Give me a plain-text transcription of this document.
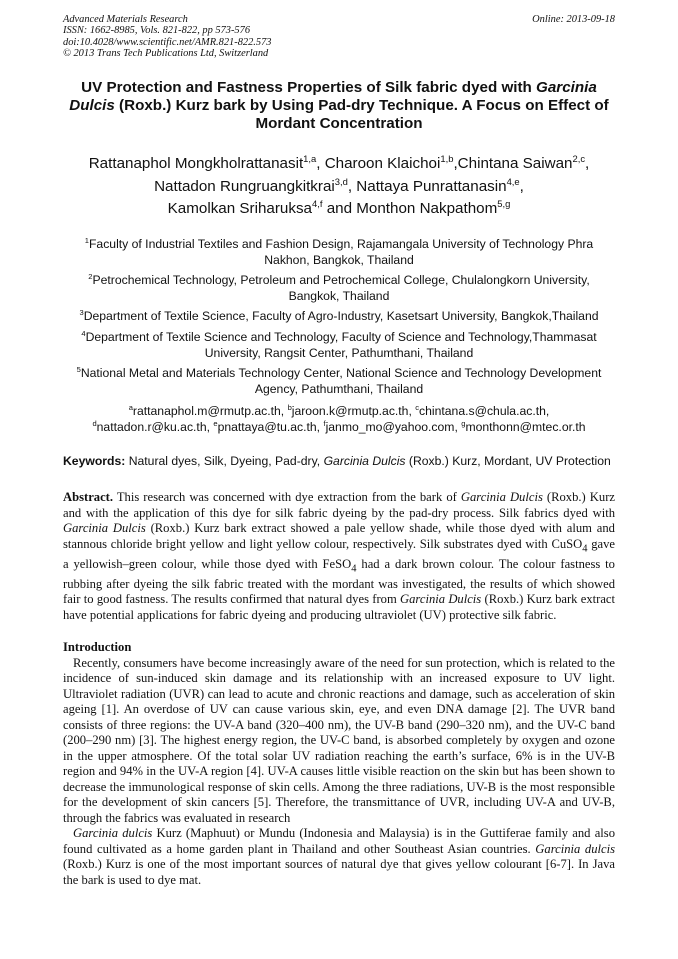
Advanced Materials Research
ISSN: 1662-8985, Vols. 821-822, pp 573-576
doi:10.4028/www.scientific.net/AMR.821-822.573
© 2013 Trans Tech Publications Ltd, Switzerland
Online: 2013-09-18
UV Protection and Fastness Properties of Silk fabric dyed with Garcinia Dulcis (Roxb.) Kurz bark by Using Pad-dry Technique. A Focus on Effect of Mordant Concentration
Rattanaphol Mongkholrattanasit$^{1,a}$, Charoon Klaichoi$^{1,b}$,Chintana Saiwan$^{2,c}$,
Nattadon Rungruangkitkrai$^{3,d}$, Nattaya Punrattanasin$^{4,e}$,
Kamolkan Sriharuksa$^{4,f}$ and Monthon Nakpathom$^{5,g}$
$^1$Faculty of Industrial Textiles and Fashion Design, Rajamangala University of Technology Phra Nakhon, Bangkok, Thailand
$^2$Petrochemical Technology, Petroleum and Petrochemical College, Chulalongkorn University, Bangkok, Thailand
$^3$Department of Textile Science, Faculty of Agro-Industry, Kasetsart University, Bangkok,Thailand
$^4$Department of Textile Science and Technology, Faculty of Science and Technology,Thammasat University, Rangsit Center, Pathumthani, Thailand
$^5$National Metal and Materials Technology Center, National Science and Technology Development Agency, Pathumthani, Thailand
$^a$rattanaphol.m@rmutp.ac.th, $^b$jaroon.k@rmutp.ac.th, $^c$chintana.s@chula.ac.th,
$^d$nattadon.r@ku.ac.th, $^e$pnattaya@tu.ac.th, $^f$janmo_mo@yahoo.com, $^g$monthonn@mtec.or.th
Keywords: Natural dyes, Silk, Dyeing, Pad-dry, Garcinia Dulcis (Roxb.) Kurz, Mordant, UV Protection
Abstract. This research was concerned with dye extraction from the bark of Garcinia Dulcis (Roxb.) Kurz and with the application of this dye for silk fabric dyeing by the pad-dry process. Silk fabrics dyed with Garcinia Dulcis (Roxb.) Kurz bark extract showed a pale yellow shade, while those dyed with alum and stannous chloride bright yellow and light yellow colour, respectively. Silk substrates dyed with CuSO$_4$ gave a yellowish–green colour, while those dyed with FeSO$_4$ had a dark brown colour. The colour fastness to rubbing after dyeing the silk fabric treated with the mordant was investigated, the results of which showed fair to good fastness. The results confirmed that natural dyes from Garcinia Dulcis (Roxb.) Kurz bark extract have potential applications for fabric dyeing and producing ultraviolet (UV) protective silk fabric.
Introduction

Recently, consumers have become increasingly aware of the need for sun protection, which is related to the incidence of sun-induced skin damage and its relationship with an increased exposure to UV light. Ultraviolet radiation (UVR) can lead to acute and chronic reactions and damage, such as acceleration of skin ageing [1]. An overdose of UV can cause various skin, eye, and even DNA damage [2]. The UVR band consists of three regions: the UV-A band (320–400 nm), the UV-B band (290–320 nm), and the UV-C band (200–290 nm) [3]. The highest energy region, the UV-C band, is absorbed completely by oxygen and ozone in the upper atmosphere. Of the total solar UV radiation reaching the earth’s surface, 6% is in the UV-B region and 94% in the UV-A region [4]. UV-A causes little visible reaction on the skin but has been shown to decrease the immunological response of skin cells. Among the three radiations, UV-B is the most responsible for the development of skin cancers [5]. Therefore, the transmittance of UVR, including UV-A and UV-B, through the fabrics was evaluated in research

Garcinia dulcis Kurz (Maphuut) or Mundu (Indonesia and Malaysia) is in the Guttiferae family and also found cultivated as a home garden plant in Thailand and other Southeast Asian countries. Garcinia dulcis (Roxb.) Kurz is one of the most important sources of natural dye that gives yellow colourant [6-7]. In Java the bark is used to dye mat.
